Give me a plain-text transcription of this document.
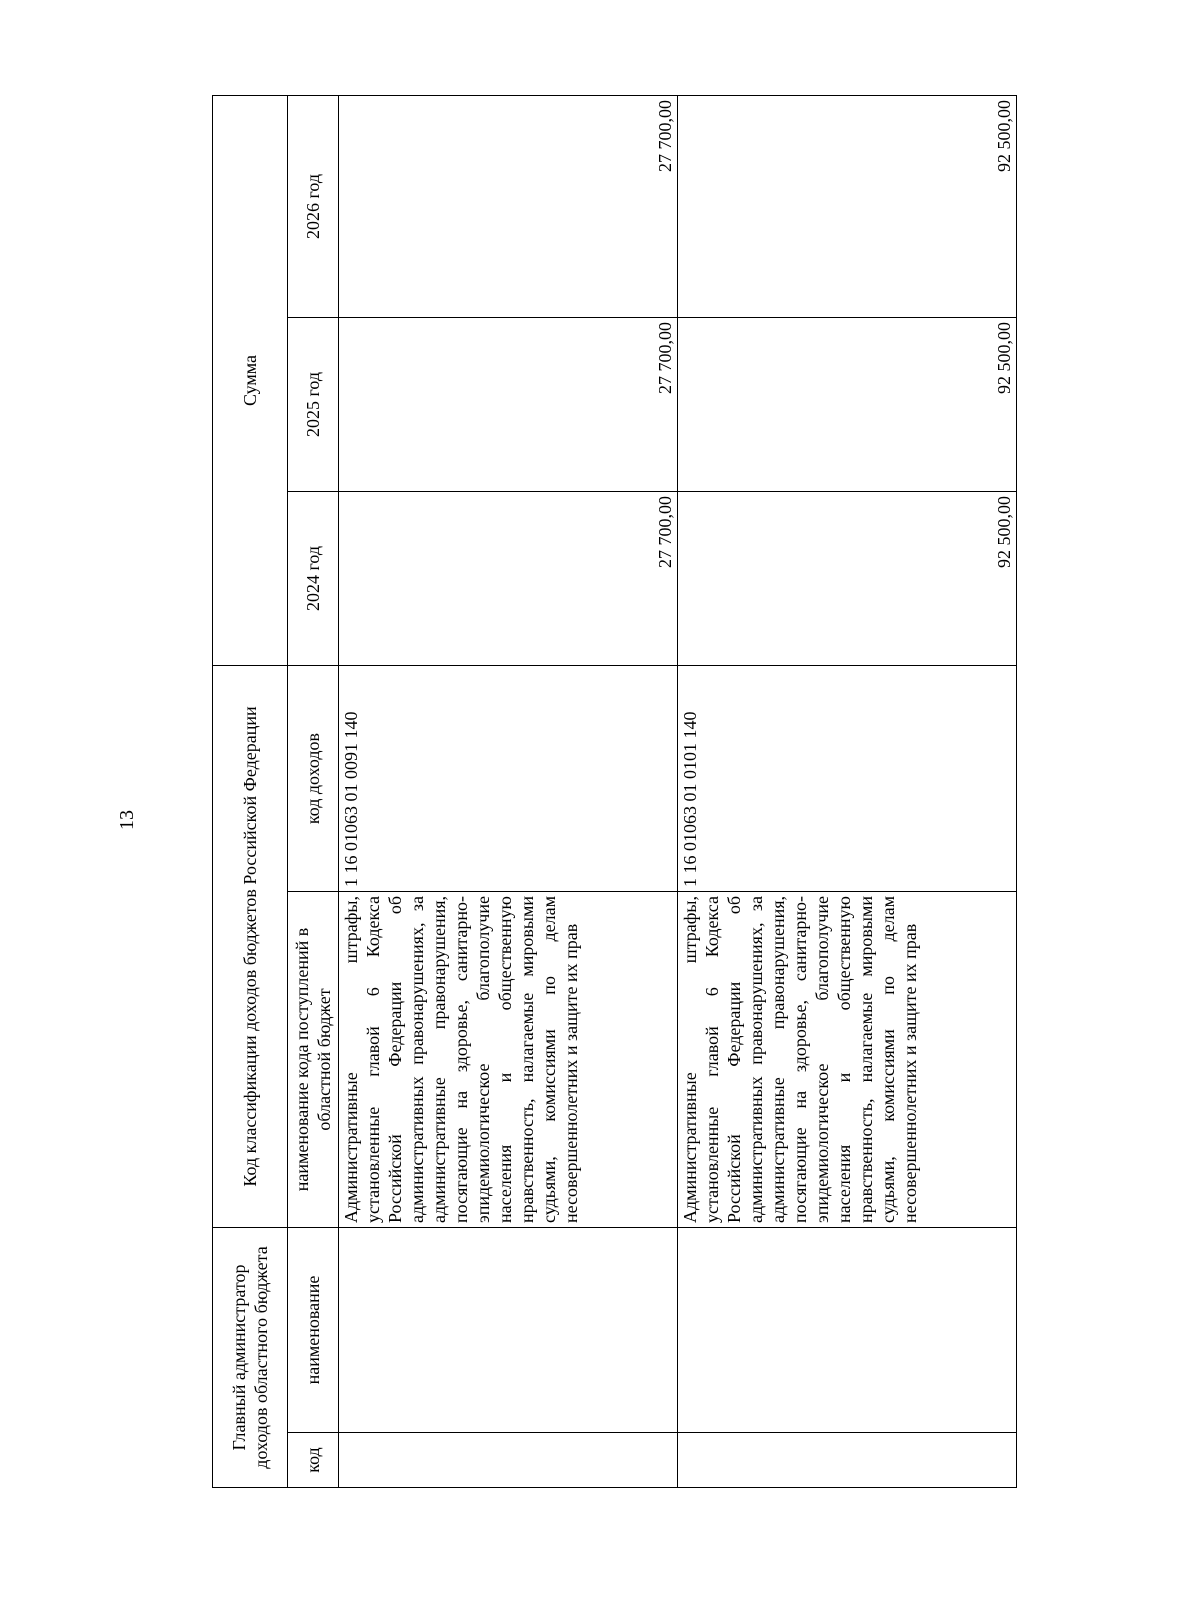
13
Главный администратор доходов областного бюджета		Код классификации доходов бюджетов Российской Федерации		Сумма		
код	наименование	наименование кода поступлений в областной бюджет	код доходов	2024 год	2025 год	2026 год
		Административные штрафы, установленные главой 6 Кодекса Российской Федерации об административных правонарушениях, за административные правонарушения, посягающие на здоровье, санитарно-эпидемиологическое благополучие населения и общественную нравственность, налагаемые мировыми судьями, комиссиями по делам несовершеннолетних и защите их прав	1 16 01063 01 0091 140	27 700,00	27 700,00	27 700,00
		Административные штрафы, установленные главой 6 Кодекса Российской Федерации об административных правонарушениях, за административные правонарушения, посягающие на здоровье, санитарно-эпидемиологическое благополучие населения и общественную нравственность, налагаемые мировыми судьями, комиссиями по делам несовершеннолетних и защите их прав	1 16 01063 01 0101 140	92 500,00	92 500,00	92 500,00
